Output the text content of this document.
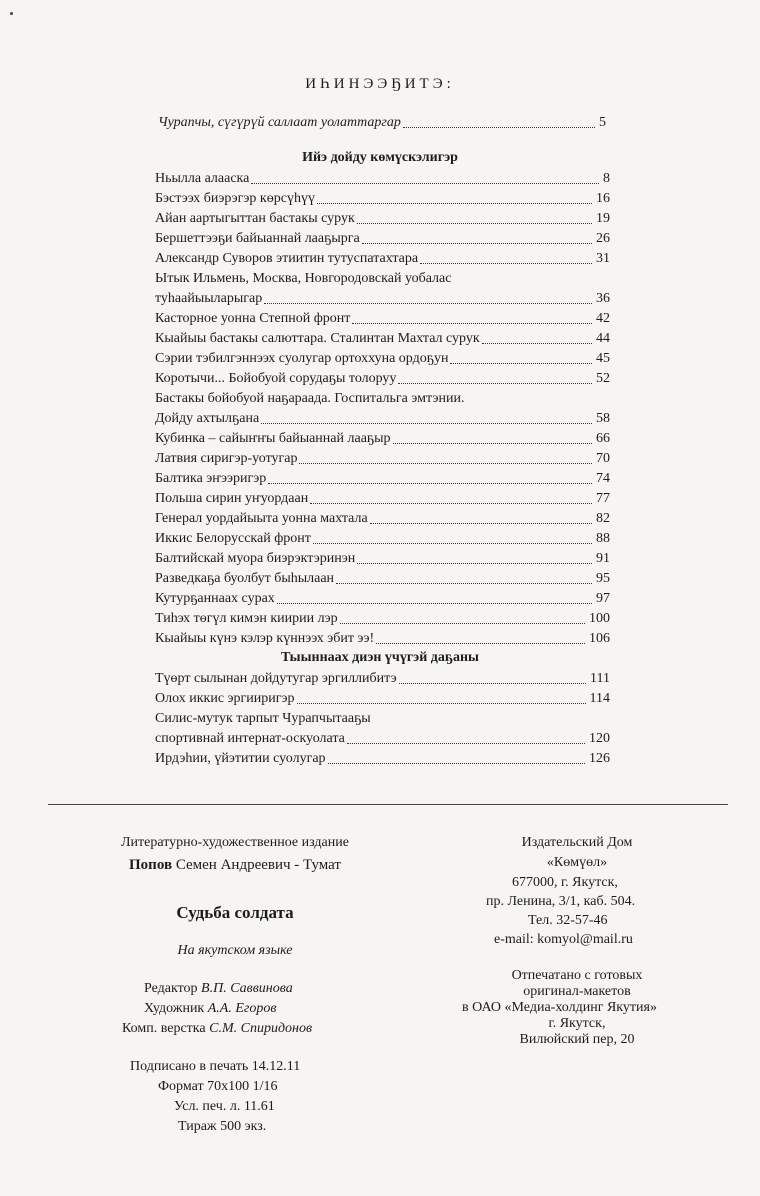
ИҺИНЭЭҔИТЭ:
Чурапчы, сүгүрүй саллаат уолаттаргар	5
Ийэ дойду көмүскэлигэр
Ньылла алааска	8
Бэстээх биэрэгэр көрсүһүү	16
Айан аартыгыттан бастакы сурук	19
Бершеттээҕи байыаннай лааҕырга	26
Александр Суворов этиитин тутуспатахтара	31
Ытык Ильмень, Москва, Новгородовскай уобалас
туһаайыыларыгар	36
Касторное уонна Степной фронт	42
Кыайыы бастакы салюттара. Сталинтан Махтал сурук	44
Сэрии тэбилгэннээх суолугар ортоххуна ордоҕун	45
Коротычи... Бойобуой сорудаҕы толоруу	52
Бастакы бойобуой наҕараада. Госпитальга эмтэнии.
Дойду ахтылҕана	58
Кубинка – сайыҥҥы байыаннай лааҕыр	66
Латвия сиригэр-уотугар	70
Балтика эҥээригэр	74
Польша сирин уҥуордаан	77
Генерал уордайыыта уонна махтала	82
Иккис Белорусскай фронт	88
Балтийскай муора биэрэктэринэн	91
Разведкаҕа буолбут быһылаан	95
Кутурҕаннаах сурах	97
Тиһэх төгүл кимэн киирии лэр	100
Кыайыы күнэ кэлэр күннээх эбит ээ!	106
Тыыннаах диэн үчүгэй даҕаны
Түөрт сылынан дойдутугар эргиллибитэ	111
Олох иккис эргииригэр	114
Силис-мутук тарпыт Чурапчытааҕы
спортивнай интернат-оскуолата	120
Ирдэһии, үйэтитии суолугар	126
Литературно-художественное издание
Попов Семен Андреевич - Тумат
Судьба солдата
На якутском языке
Редактор В.П. Саввинова
Художник А.А. Егоров
Комп. верстка С.М. Спиридонов
Подписано в печать 14.12.11
Формат 70х100 1/16
Усл. печ. л. 11.61
Тираж 500 экз.
Издательский Дом
«Көмүөл»
677000, г. Якутск,
пр. Ленина, 3/1, каб. 504.
Тел. 32-57-46
e-mail: komyol@mail.ru
Отпечатано с готовых
оригинал-макетов
в ОАО «Медиа-холдинг Якутия»
г. Якутск,
Вилюйский пер, 20
